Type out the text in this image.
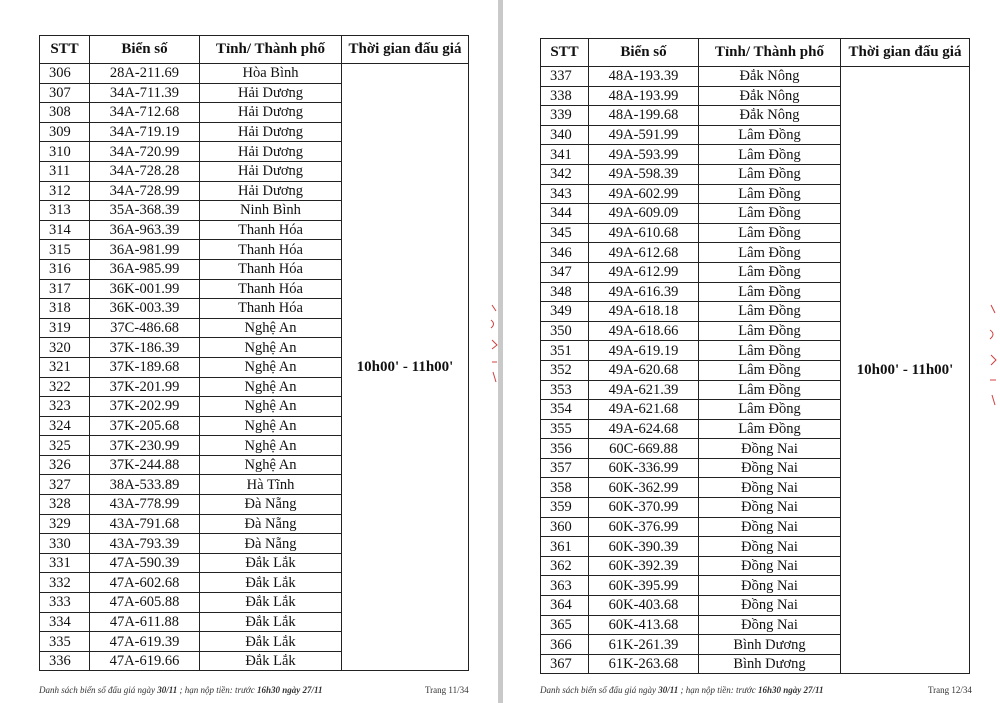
STT	Biển số	Tỉnh/ Thành phố	Thời gian đấu giá
306	28A-211.69	Hòa Bình	10h00' - 11h00'
307	34A-711.39	Hải Dương	
308	34A-712.68	Hải Dương	
309	34A-719.19	Hải Dương	
310	34A-720.99	Hải Dương	
311	34A-728.28	Hải Dương	
312	34A-728.99	Hải Dương	
313	35A-368.39	Ninh Bình	
314	36A-963.39	Thanh Hóa	
315	36A-981.99	Thanh Hóa	
316	36A-985.99	Thanh Hóa	
317	36K-001.99	Thanh Hóa	
318	36K-003.39	Thanh Hóa	
319	37C-486.68	Nghệ An	
320	37K-186.39	Nghệ An	
321	37K-189.68	Nghệ An	
322	37K-201.99	Nghệ An	
323	37K-202.99	Nghệ An	
324	37K-205.68	Nghệ An	
325	37K-230.99	Nghệ An	
326	37K-244.88	Nghệ An	
327	38A-533.89	Hà Tĩnh	
328	43A-778.99	Đà Nẵng	
329	43A-791.68	Đà Nẵng	
330	43A-793.39	Đà Nẵng	
331	47A-590.39	Đắk Lắk	
332	47A-602.68	Đắk Lắk	
333	47A-605.88	Đắk Lắk	
334	47A-611.88	Đắk Lắk	
335	47A-619.39	Đắk Lắk	
336	47A-619.66	Đắk Lắk	
Danh sách biển số đấu giá ngày 30/11 ; hạn nộp tiền: trước 16h30 ngày 27/11	Trang 11/34
STT	Biển số	Tỉnh/ Thành phố	Thời gian đấu giá
337	48A-193.39	Đắk Nông	10h00' - 11h00'
338	48A-193.99	Đắk Nông	
339	48A-199.68	Đắk Nông	
340	49A-591.99	Lâm Đồng	
341	49A-593.99	Lâm Đồng	
342	49A-598.39	Lâm Đồng	
343	49A-602.99	Lâm Đồng	
344	49A-609.09	Lâm Đồng	
345	49A-610.68	Lâm Đồng	
346	49A-612.68	Lâm Đồng	
347	49A-612.99	Lâm Đồng	
348	49A-616.39	Lâm Đồng	
349	49A-618.18	Lâm Đồng	
350	49A-618.66	Lâm Đồng	
351	49A-619.19	Lâm Đồng	
352	49A-620.68	Lâm Đồng	
353	49A-621.39	Lâm Đồng	
354	49A-621.68	Lâm Đồng	
355	49A-624.68	Lâm Đồng	
356	60C-669.88	Đồng Nai	
357	60K-336.99	Đồng Nai	
358	60K-362.99	Đồng Nai	
359	60K-370.99	Đồng Nai	
360	60K-376.99	Đồng Nai	
361	60K-390.39	Đồng Nai	
362	60K-392.39	Đồng Nai	
363	60K-395.99	Đồng Nai	
364	60K-403.68	Đồng Nai	
365	60K-413.68	Đồng Nai	
366	61K-261.39	Bình Dương	
367	61K-263.68	Bình Dương	
Danh sách biển số đấu giá ngày 30/11 ; hạn nộp tiền: trước 16h30 ngày 27/11	Trang 12/34
